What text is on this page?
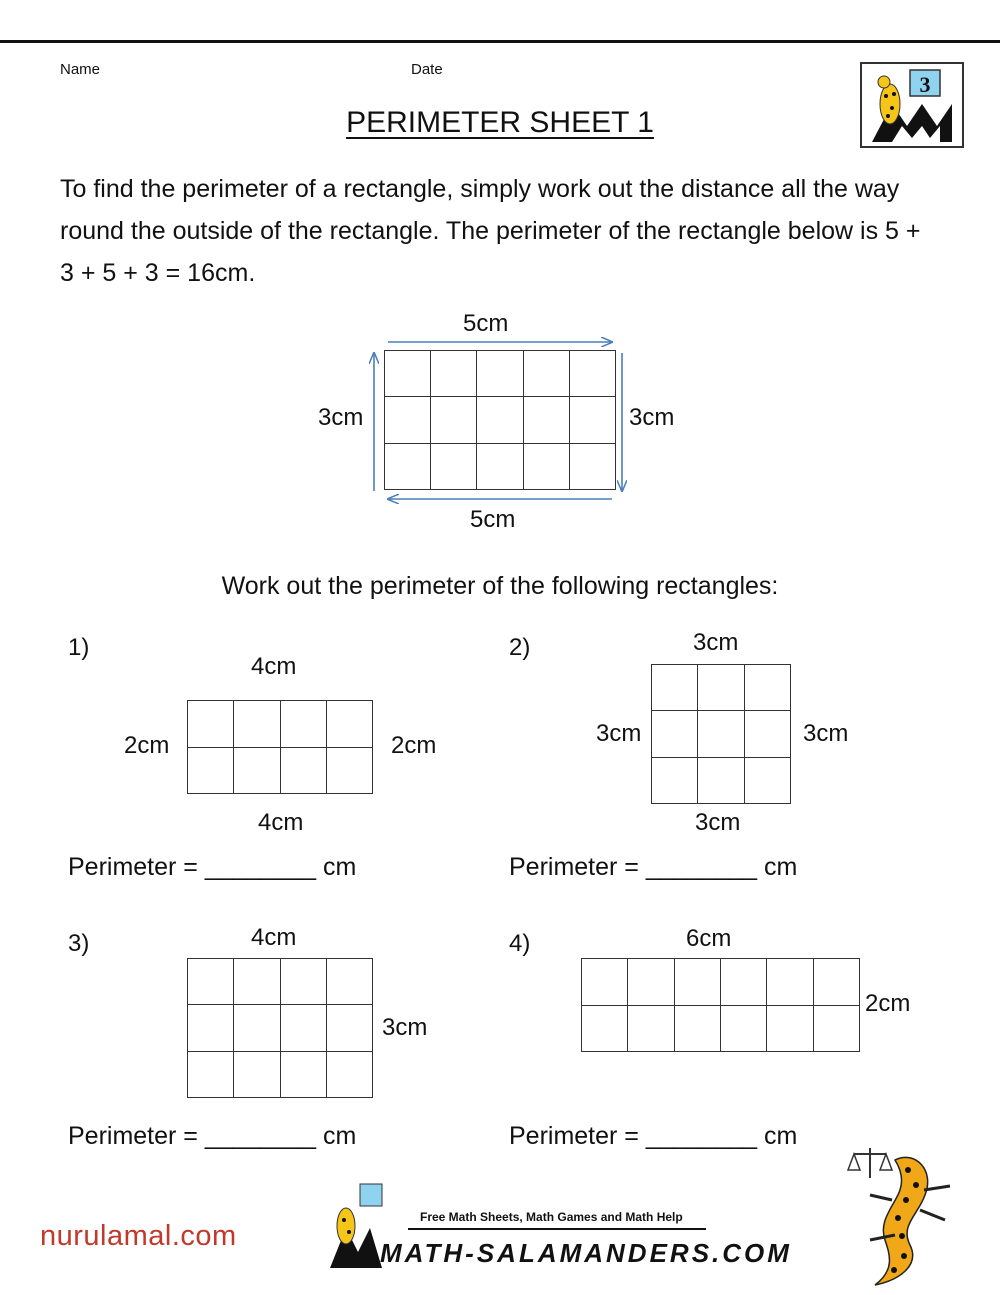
Name	Date
3
PERIMETER SHEET 1
To find the perimeter of a rectangle, simply work out the distance all the way round the outside of the rectangle. The perimeter of the rectangle below is 5 + 3 + 5 + 3 = 16cm.
5cm
5cm
3cm	3cm

Work out the perimeter of the following rectangles:
1)
4cm
4cm
2cm	2cm

Perimeter = ________ cm
2)	3cm
3cm
3cm	3cm

Perimeter = ________ cm
3)	4cm
3cm

Perimeter = ________ cm
4)	6cm
2cm

Perimeter = ________ cm
nurulamal.com
Free Math Sheets, Math Games and Math Help
MATH-SALAMANDERS.COM
